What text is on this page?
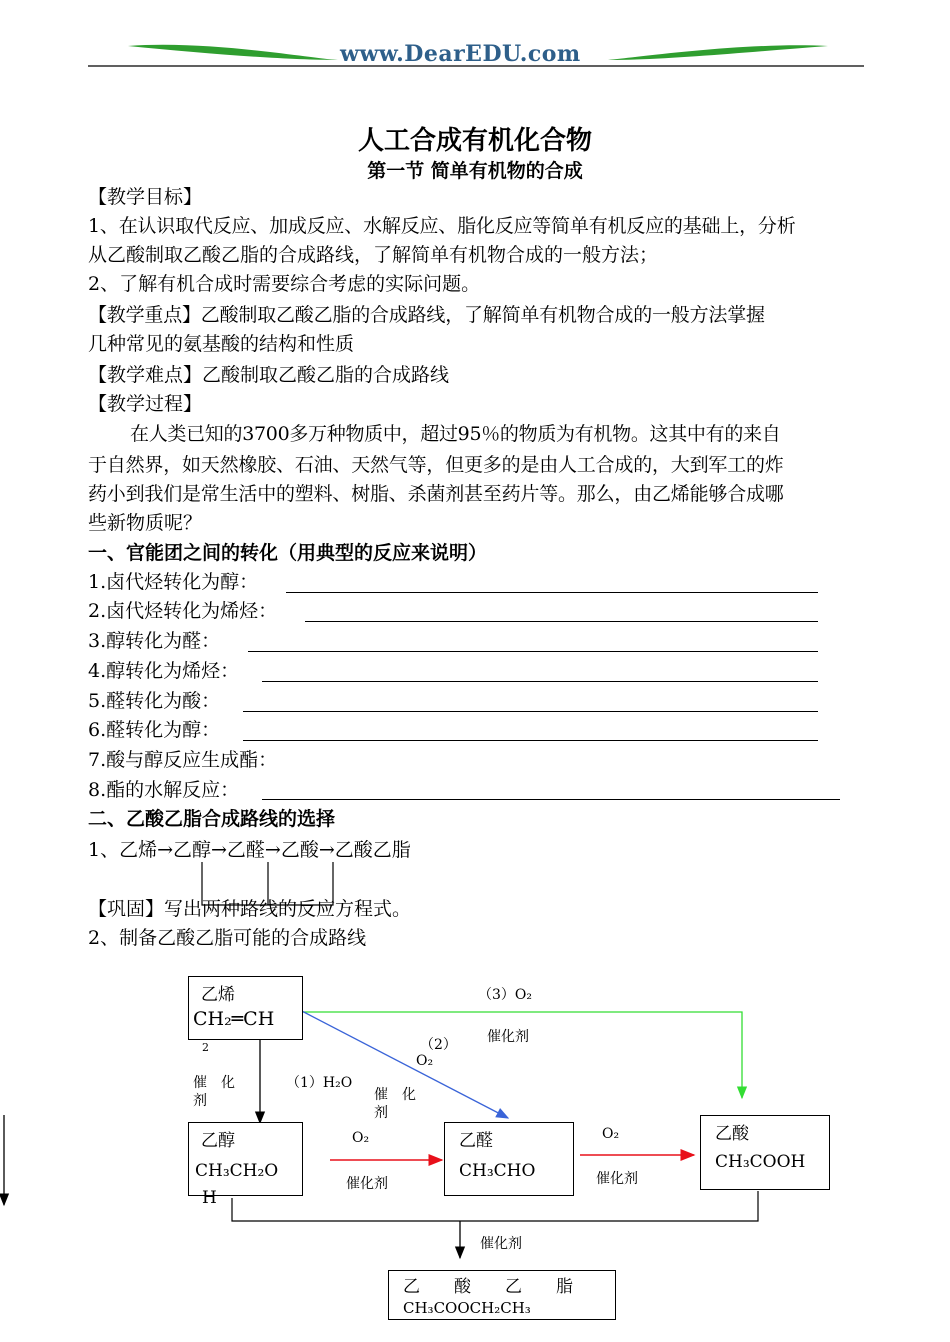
www.DearEDU.com
人工合成有机化合物
第一节 简单有机物的合成
【教学目标】
1、在认识取代反应、加成反应、水解反应、脂化反应等简单有机反应的基础上，分析
从乙酸制取乙酸乙脂的合成路线，了解简单有机物合成的一般方法；
2、了解有机合成时需要综合考虑的实际问题。
【教学重点】乙酸制取乙酸乙脂的合成路线，了解简单有机物合成的一般方法掌握
几种常见的氨基酸的结构和性质
【教学难点】乙酸制取乙酸乙脂的合成路线
【教学过程】
在人类已知的3700多万种物质中，超过95％的物质为有机物。这其中有的来自
于自然界，如天然橡胶、石油、天然气等，但更多的是由人工合成的，大到军工的炸
药小到我们是常生活中的塑料、树脂、杀菌剂甚至药片等。那么，由乙烯能够合成哪
些新物质呢？
一、官能团之间的转化（用典型的反应来说明）
1.卤代烃转化为醇：
2.卤代烃转化为烯烃：
3.醇转化为醛：
4.醇转化为烯烃：
5.醛转化为酸：
6.醛转化为醇：
7.酸与醇反应生成酯：
8.酯的水解反应：
二、乙酸乙脂合成路线的选择
1、乙烯→乙醇→乙醛→乙酸→乙酸乙脂
【巩固】写出两种路线的反应方程式。
2、制备乙酸乙脂可能的合成路线
乙烯
CH₂═CH
2
乙醇
CH₃CH₂O
H
乙醛
CH₃CHO
乙酸
CH₃COOH
乙　　酸　　乙　　脂
CH₃COOCH₂CH₃
（3）O₂
催化剂
（2）
O₂
（1）H₂O
催　化
剂	催　化
剂
O₂
催化剂
O₂
催化剂
催化剂
